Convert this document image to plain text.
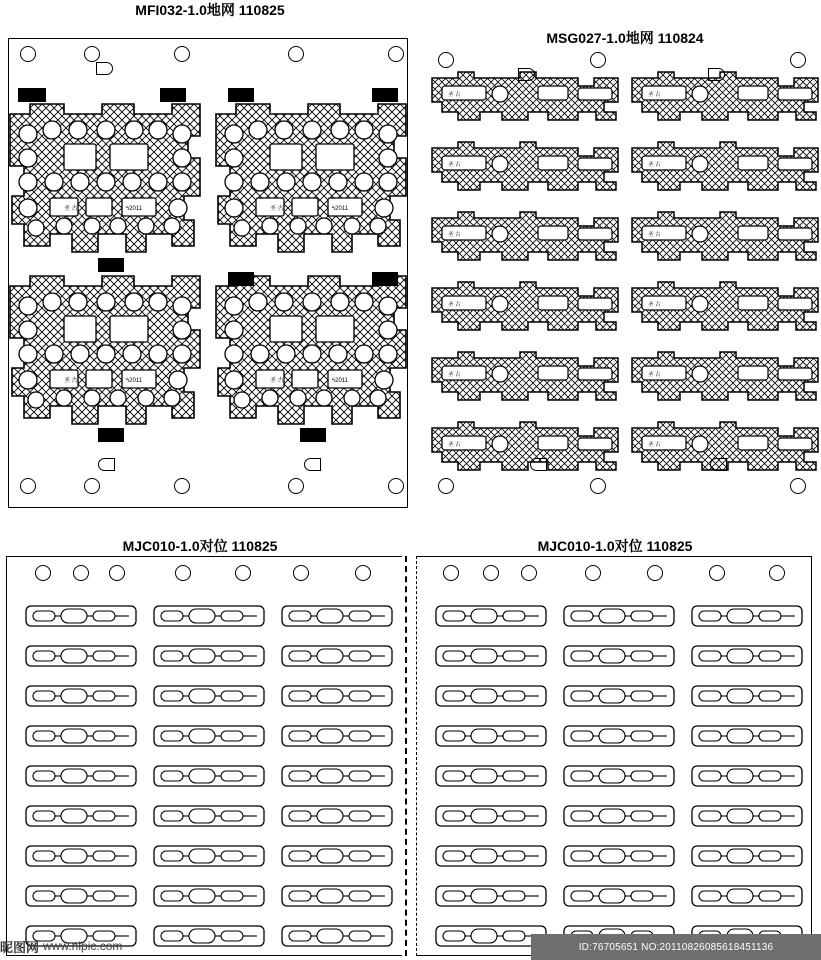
MFI032-1.0地网 110825
圣 古	ϟ2011	圣 古	ϟ2011
圣 古	ϟ2011	圣 古	ϟ2011
MSG027-1.0地网 110824
圣 古	圣 古
圣 古	圣 古
圣 古	圣 古
圣 古	圣 古
圣 古	圣 古
圣 古	圣 古
MJC010-1.0对位 110825	MJC010-1.0对位 110825
昵图网 www.nipic.com	ID:76705651 NO:20110826085618451136
